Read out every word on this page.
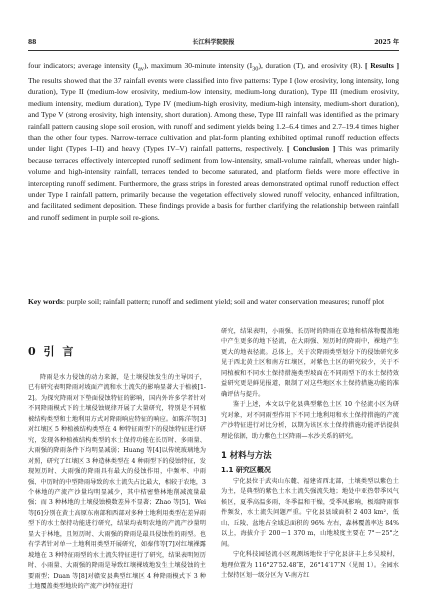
88	长江科学院院报	2025 年

four indicators; average intensity $(I_{av})$, maximum 30-minute intensity $(I_{30})$, duration (T), and erosivity (R). [ Results ] The results showed that the 37 rainfall events were classified into five patterns: Type I (low erosivity, long intensity, long duration), Type II (medium-low erosivity, medium-low intensity, medium-long duration), Type III (medium erosivity, medium intensity, medium duration), Type IV (medium-high erosivity, medium-high intensity, medium-short duration), and Type V (strong erosivity, high intensity, short duration). Among these, Type III rainfall was identified as the primary rainfall pattern causing slope soil erosion, with runoff and sediment yields being 1.2–6.4 times and 2.7–19.4 times higher than the other four types. Narrow-terrace cultivation and plat-form planting exhibited optimal runoff reduction effects under light (Types I–II) and heavy (Types IV–V) rainfall patterns, respectively. [ Conclusion ] This was primarily because terraces effectively intercepted runoff sediment from low-intensity, small-volume rainfall, whereas under high-volume and high-intensity rainfall, terraces tended to become saturated, and platform fields were more effective in intercepting runoff sediment. Furthermore, the grass strips in forested areas demonstrated optimal runoff reduction effect under Type I rainfall pattern, primarily because the vegetation effectively slowed runoff velocity, enhanced infiltration, and facilitated sediment deposition. These findings provide a basis for further clarifying the relationship between rainfall and runoff sediment in purple soil re-gions.

Key words: purple soil; rainfall pattern; runoff and sediment yield; soil and water conservation measures; runoff plot
0 引 言

降雨是水力侵蚀的动力来源，是土壤侵蚀发生的主导因子，已有研究表明降雨对坡面产流和水土流失的影响显著大于植被[1-2]。为探究降雨对下垫面侵蚀特征的影响，国内外许多学者针对不同降雨模式下的土壤侵蚀规律开展了大量研究，特别是不同植被结构类型和土地利用方式对降雨响应特征的响应。如陈洋等[3]对红壤区 5 种植被结构类型在 4 种特征雨型下的侵蚀特征进行研究，发现各种植被结构类型的水土保持功能在长历时、多雨量、大雨强的降雨条件下均明显减弱；Huang 等[4]以传统玻璃地为对照，研究了红壤区 3 种造林类型在 4 种雨型下的侵蚀特征，发现短历时、大雨强的降雨具有最大的侵蚀作用，中频率、中雨强、中历时的中型降雨导致的水土流失占比最大，相较于农地，3 个林地的产流产沙量均明显减少，其中桔密整林地削减流量最强；而 3 种林地的土壤侵蚀模数差异不显著；Zhao 等[5]、Wei 等[6]分别在黄土高原东南部和西部对多种土地利用类型在差异雨型下的水土保持功能进行研究，结果均表明农地的产流产沙量明显大于林地，且短历时、大雨强的降雨是最具侵蚀性的雨型。也有学者针对单一土地利用类型开展研究，如秦伟等[7]对红壤裸露坡地在 3 种特征雨型的水土流失特征进行了研究，结果表明短历时、小雨量、大雨强的降雨是导致红壤裸坡地发生土壤侵蚀的主要雨型；Duan 等[8]对赣安县典型红壤区 4 种降雨模式下 3 种土地覆盖类型地块的产流产沙特征进行

研究，结果表明，小雨强、长历时的降雨在草地和桔落物覆盖地中产生更多的地下径流，在大雨强、短历时的降雨中，裸地产生更大的地表径流。总体上，关于次降雨类型划分下的侵蚀研究多见于西北黄土区和南方红壤区，对紫色土区的研究较少，关于不同植被和不同水土保持措施类型坡面在不同雨型下的水土保持效益研究更是鲜见报道，限制了对这些地区水土保持措施功能的准确评估与提升。

鉴于上述，本文以宁化县典型紫色土区 10 个径流小区为研究对象，对不同雨型作用下不同土地利用和水土保持措施的产流产沙特征进行对比分析，以期为该区水土保持措施功能评估提供理论依据，助力紫色土区降雨—水沙关系的研究。

1 材料与方法
1.1 研究区概况

宁化县位于武夷山东麓、福建省西北部，土壤类型以紫色土为主，是典型的紫色土水土流失强流失地；地处中亚热带季风气候区，夏季高温多雨，冬季温和干燥，受季风影响，极端降雨事件频发，水土流失问题严重。宁化县县域面积 2 403 km²，低山、丘陵、盆地占全域总面积的 96% 左右，森林覆盖率达 84% 以上，海拔介于 200～1 370 m，山地坡度主要在 7°～25°之间。

宁化科技园径流小区观测场地位于宁化县济丰上乡吴坡村，地理位置为 116°27′52.48″E，26°14′17″N（见图 1）。全园水土保持区划一级分区为 V-南方红
